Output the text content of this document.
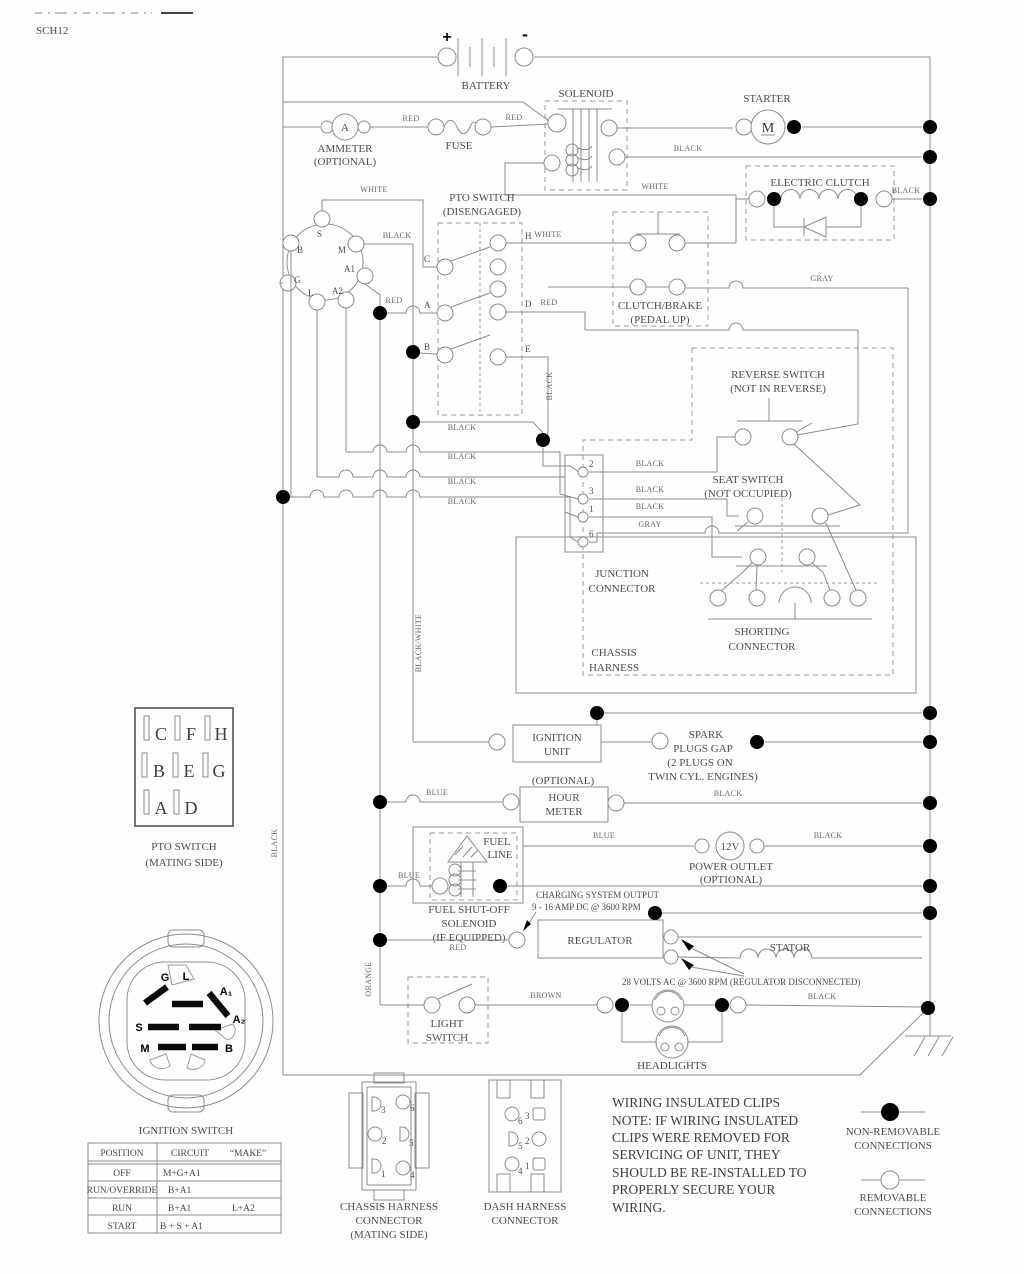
SCH12	+	-
BATTERY
A
AMMETER
(OPTIONAL)
FUSE
SOLENOID	STARTER
M
ELECTRIC CLUTCH
PTO SWITCH
(DISENGAGED)
C
A
B
H
D
E
S
B	M
G
A1
L A2
CLUTCH/BRAKE
(PEDAL UP)
REVERSE SWITCH
(NOT IN REVERSE)
SEAT SWITCH
(NOT OCCUPIED)
SHORTING
CONNECTOR
2
3
1
6
JUNCTION
CONNECTOR
CHASSIS
HARNESS
IGNITION
UNIT
SPARK
PLUGS GAP
(2 PLUGS ON
TWIN CYL. ENGINES)
(OPTIONAL)
HOUR
METER
FUEL
LINE
FUEL SHUT-OFF
SOLENOID
(IF EQUIPPED)
12V
POWER OUTLET
(OPTIONAL)
CHARGING SYSTEM OUTPUT
9 - 16 AMP DC @ 3600 RPM
REGULATOR
STATOR
28 VOLTS AC @ 3600 RPM (REGULATOR DISCONNECTED)
LIGHT
SWITCH
HEADLIGHTS
C F H
B E G
A D
PTO SWITCH
(MATING SIDE)
G L
A₁
A₂
S
M	B
IGNITION SWITCH
POSITION	CIRCUIT “MAKE”
OFF	M+G+A1
RUN/OVERRIDE B+A1
RUN	B+A1	L+A2
START B + S + A1
3	6
2	5
1	4
CHASSIS HARNESS
CONNECTOR
(MATING SIDE)
6 3
5 2
4 1
DASH HARNESS
CONNECTOR
WIRING INSULATED CLIPS
NOTE: IF WIRING INSULATED
CLIPS WERE REMOVED FOR
SERVICING OF UNIT, THEY
SHOULD BE RE-INSTALLED TO
PROPERLY SECURE YOUR
WIRING.
NON-REMOVABLE
CONNECTIONS
REMOVABLE
CONNECTIONS
RED	RED
BLACK
BLACK
WHITE	WHITE
WHITE
BLACK
RED	RED
GRAY
BLACK
BLACK
BLACK
BLACK
BLACK
BLACK
BLACK
BLACK
GRAY
BLACK/WHITE
BLACK
BLUE	BLACK
BLUE
BLUE	BLACK
RED
ORANGE	BROWN	BLACK
